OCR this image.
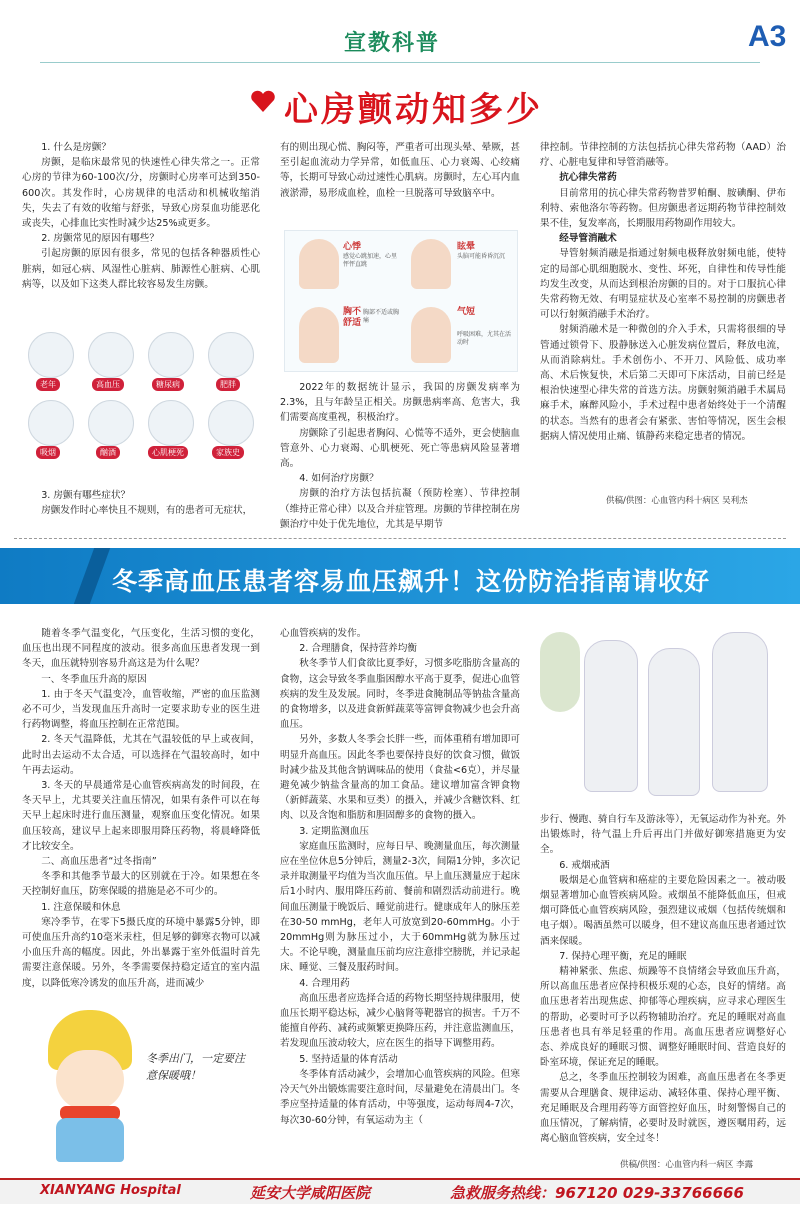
宣教科普	A3
心房颤动知多少

1. 什么是房颤？

房颤，是临床最常见的快速性心律失常之一。正常心房的节律为60-100次/分，房颤时心房率可达到350-600次。其发作时，心房规律的电活动和机械收缩消失，失去了有效的收缩与舒张，导致心房泵血功能恶化或丧失，心排血比实性时减少达25%或更多。

2. 房颤常见的原因有哪些？

引起房颤的原因有很多，常见的包括各种器质性心脏病，如冠心病、风湿性心脏病、肺源性心脏病、心肌病等，以及如下这类人群比较容易发生房颤。

老年	高血压	糖尿病	肥胖
吸烟	酗酒	心肌梗死	家族史

3. 房颤有哪些症状？

房颤发作时心率快且不规则，有的患者可无症状，

有的则出现心慌、胸闷等，严重者可出现头晕、晕厥，甚至引起血流动力学异常，如低血压、心力衰竭、心绞痛等，长期可导致心动过速性心肌病。房颤时，左心耳内血液淤滞，易形成血栓，血栓一旦脱落可导致脑卒中。

心悸
感觉心跳加速，心里怦怦直跳
眩晕
头脑可能昏昏沉沉
胸不舒适
胸部不适或胸痛
气短
呼吸困难，尤其在活动时

2022年的数据统计显示，我国的房颤发病率为2.3%，且与年龄呈正相关。房颤患病率高、危害大，我们需要高度重视，积极治疗。

房颤除了引起患者胸闷、心慌等不适外，更会使脑血管意外、心力衰竭、心肌梗死、死亡等患病风险显著增高。

4. 如何治疗房颤？

房颤的治疗方法包括抗凝（预防栓塞）、节律控制（维持正常心律）以及合并症管理。房颤的节律控制在房颤治疗中处于优先地位，尤其是早期节

律控制。节律控制的方法包括抗心律失常药物（AAD）治疗、心脏电复律和导管消融等。

抗心律失常药

目前常用的抗心律失常药物普罗帕酮、胺碘酮、伊布利特、索他洛尔等药物。但房颤患者远期药物节律控制效果不佳，复发率高，长期服用药物副作用较大。

经导管消融术

导管射频消融是指通过射频电极释放射频电能，使特定的局部心肌细胞脱水、变性、坏死，自律性和传导性能均发生改变，从而达到根治房颤的目的。对于口服抗心律失常药物无效、有明显症状及心室率不易控制的房颤患者可以行射频消融手术治疗。

射频消融术是一种微创的介入手术，只需将很细的导管通过锁骨下、股静脉送入心脏发病位置后，释放电流，从而消除病灶。手术创伤小、不开刀、风险低、成功率高、术后恢复快，术后第二天即可下床活动，目前已经是根治快速型心律失常的首选方法。房颤射频消融手术属局麻手术，麻醉风险小，手术过程中患者始终处于一个清醒的状态。当然有的患者会有紧张、害怕等情况，医生会根据病人情况使用止痛、镇静药来稳定患者的情况。

供稿/供图：心血管内科十病区 吴利杰
冬季高血压患者容易血压飙升！这份防治指南请收好

随着冬季气温变化，气压变化，生活习惯的变化，血压也出现不同程度的波动。很多高血压患者发现一到冬天，血压就特别容易升高这是为什么呢？

一、冬季血压升高的原因

1. 由于冬天气温变冷，血管收缩，严密的血压监测必不可少，当发现血压升高时一定要求助专业的医生进行药物调整，将血压控制在正常范围。

2. 冬天气温降低，尤其在气温较低的早上或夜间，此时出去运动不太合适，可以选择在气温较高时，如中午再去运动。

3. 冬天的早晨通常是心血管疾病高发的时间段，在冬天早上，尤其要关注血压情况，如果有条件可以在每天早上起床时进行血压测量，观察血压变化情况。如果血压较高，建议早上起来即服用降压药物，将晨峰降低才比较安全。

二、高血压患者“过冬指南”

冬季和其他季节最大的区别就在于冷。如果想在冬天控制好血压，防寒保暖的措施是必不可少的。

1. 注意保暖和休息

寒冷季节，在零下5摄氏度的环境中暴露5分钟，即可使血压升高约10毫米汞柱，但足够的御寒衣物可以减小血压升高的幅度。因此，外出暴露于室外低温时首先需要注意保暖。另外，冬季需要保持稳定适宜的室内温度，以降低寒冷诱发的血压升高，进而减少

冬季出门，一定要注意保暖哦！

心血管疾病的发作。

2. 合理膳食，保持营养均衡

秋冬季节人们食欲比夏季好，习惯多吃脂肪含量高的食物，这会导致冬季血脂困醇水平高于夏季，促进心血管疾病的发生及发展。同时，冬季进食腌制品等钠盐含量高的食物增多，以及进食新鲜蔬菜等富钾食物减少也会升高血压。

另外，多数人冬季会长胖一些，而体重稍有增加即可明显升高血压。因此冬季也要保持良好的饮食习惯，做饭时减少盐及其他含钠调味品的使用（食盐<6克），并尽量避免减少钠盐含量高的加工食品。建议增加富含钾食物（新鲜蔬菜、水果和豆类）的摄入，并减少含糖饮料、红肉、以及含饱和脂肪和胆固醇多的食物的摄入。

3. 定期监测血压

家庭血压监测时，应每日早、晚测量血压，每次测量应在坐位休息5分钟后，测量2-3次，间隔1分钟，多次记录并取测量平均值为当次血压值。早上血压测量应于起床后1小时内、服用降压药前、餐前和剧烈活动前进行。晚间血压测量于晚饭后、睡觉前进行。健康成年人的脉压差在30-50 mmHg，老年人可放宽到20-60mmHg。小于20mmHg则为脉压过小，大于60mmHg就为脉压过大。不论早晚，测量血压前均应注意排空膀胱，并记录起床、睡觉、三餐及服药时间。

4. 合理用药

高血压患者应选择合适的药物长期坚持规律服用，使血压长期平稳达标，减少心脑肾等靶器官的损害。千万不能擅自停药、减药或频繁更换降压药，并注意监测血压，若发现血压波动较大，应在医生的指导下调整用药。

5. 坚持适量的体育活动

冬季体育活动减少，会增加心血管疾病的风险。但寒冷天气外出锻炼需要注意时间，尽量避免在清晨出门。冬季应坚持适量的体育活动，中等强度，运动每周4-7次，每次30-60分钟，有氧运动为主（

步行、慢跑、骑自行车及游泳等），无氧运动作为补充。外出锻炼时，待气温上升后再出门并做好御寒措施更为安全。

6. 戒烟戒酒

吸烟是心血管病和癌症的主要危险因素之一。被动吸烟显著增加心血管疾病风险。戒烟虽不能降低血压，但戒烟可降低心血管疾病风险，强烈建议戒烟（包括传统烟和电子烟）。喝酒虽然可以暖身，但不建议高血压患者通过饮酒来保暖。

7. 保持心理平衡，充足的睡眠

精神紧张、焦虑、烦躁等不良情绪会导致血压升高，所以高血压患者应保持积极乐观的心态，良好的情绪。高血压患者若出现焦虑、抑郁等心理疾病，应寻求心理医生的帮助，必要时可予以药物辅助治疗。充足的睡眠对高血压患者也具有举足轻重的作用。高血压患者应调整好心态、养成良好的睡眠习惯、调整好睡眠时间、营造良好的卧室环境，保证充足的睡眠。

总之，冬季血压控制较为困难，高血压患者在冬季更需要从合理膳食、规律运动、减轻体重、保持心理平衡、充足睡眠及合理用药等方面管控好血压，时刻警惕自己的血压情况，了解病情，必要时及时就医，遵医嘱用药，远离心脑血管疾病，安全过冬！

供稿/供图：心血管内科一病区 李露
XIANYANG Hospital	延安大学咸阳医院	急救服务热线：967120 029-33766666
